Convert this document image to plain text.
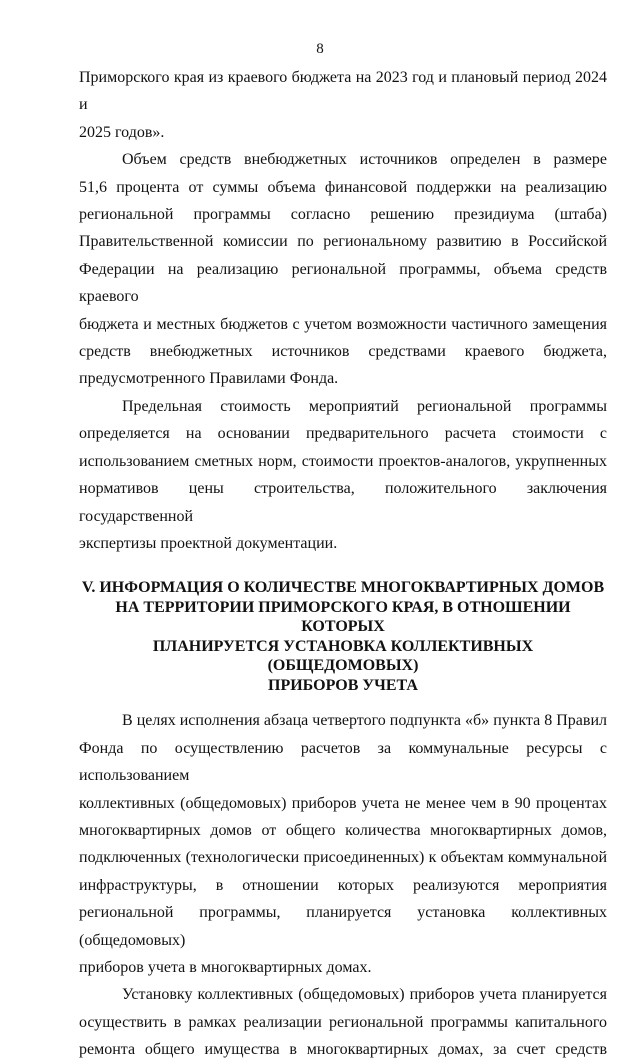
8

Приморского края из краевого бюджета на 2023 год и плановый период 2024 и
2025 годов».

Объем средств внебюджетных источников определен в размере
51,6 процента от суммы объема финансовой поддержки на реализацию
региональной программы согласно решению президиума (штаба)
Правительственной комиссии по региональному развитию в Российской
Федерации на реализацию региональной программы, объема средств краевого
бюджета и местных бюджетов с учетом возможности частичного замещения
средств внебюджетных источников средствами краевого бюджета,
предусмотренного Правилами Фонда.

Предельная стоимость мероприятий региональной программы
определяется на основании предварительного расчета стоимости с
использованием сметных норм, стоимости проектов-аналогов, укрупненных
нормативов цены строительства, положительного заключения государственной
экспертизы проектной документации.

V. ИНФОРМАЦИЯ О КОЛИЧЕСТВЕ МНОГОКВАРТИРНЫХ ДОМОВ
НА ТЕРРИТОРИИ ПРИМОРСКОГО КРАЯ, В ОТНОШЕНИИ КОТОРЫХ
ПЛАНИРУЕТСЯ УСТАНОВКА КОЛЛЕКТИВНЫХ (ОБЩЕДОМОВЫХ)
ПРИБОРОВ УЧЕТА

В целях исполнения абзаца четвертого подпункта «б» пункта 8 Правил
Фонда по осуществлению расчетов за коммунальные ресурсы с использованием
коллективных (общедомовых) приборов учета не менее чем в 90 процентах
многоквартирных домов от общего количества многоквартирных домов,
подключенных (технологически присоединенных) к объектам коммунальной
инфраструктуры, в отношении которых реализуются мероприятия
региональной программы, планируется установка коллективных (общедомовых)
приборов учета в многоквартирных домах.

Установку коллективных (общедомовых) приборов учета планируется
осуществить в рамках реализации региональной программы капитального
ремонта общего имущества в многоквартирных домах, за счет средств
